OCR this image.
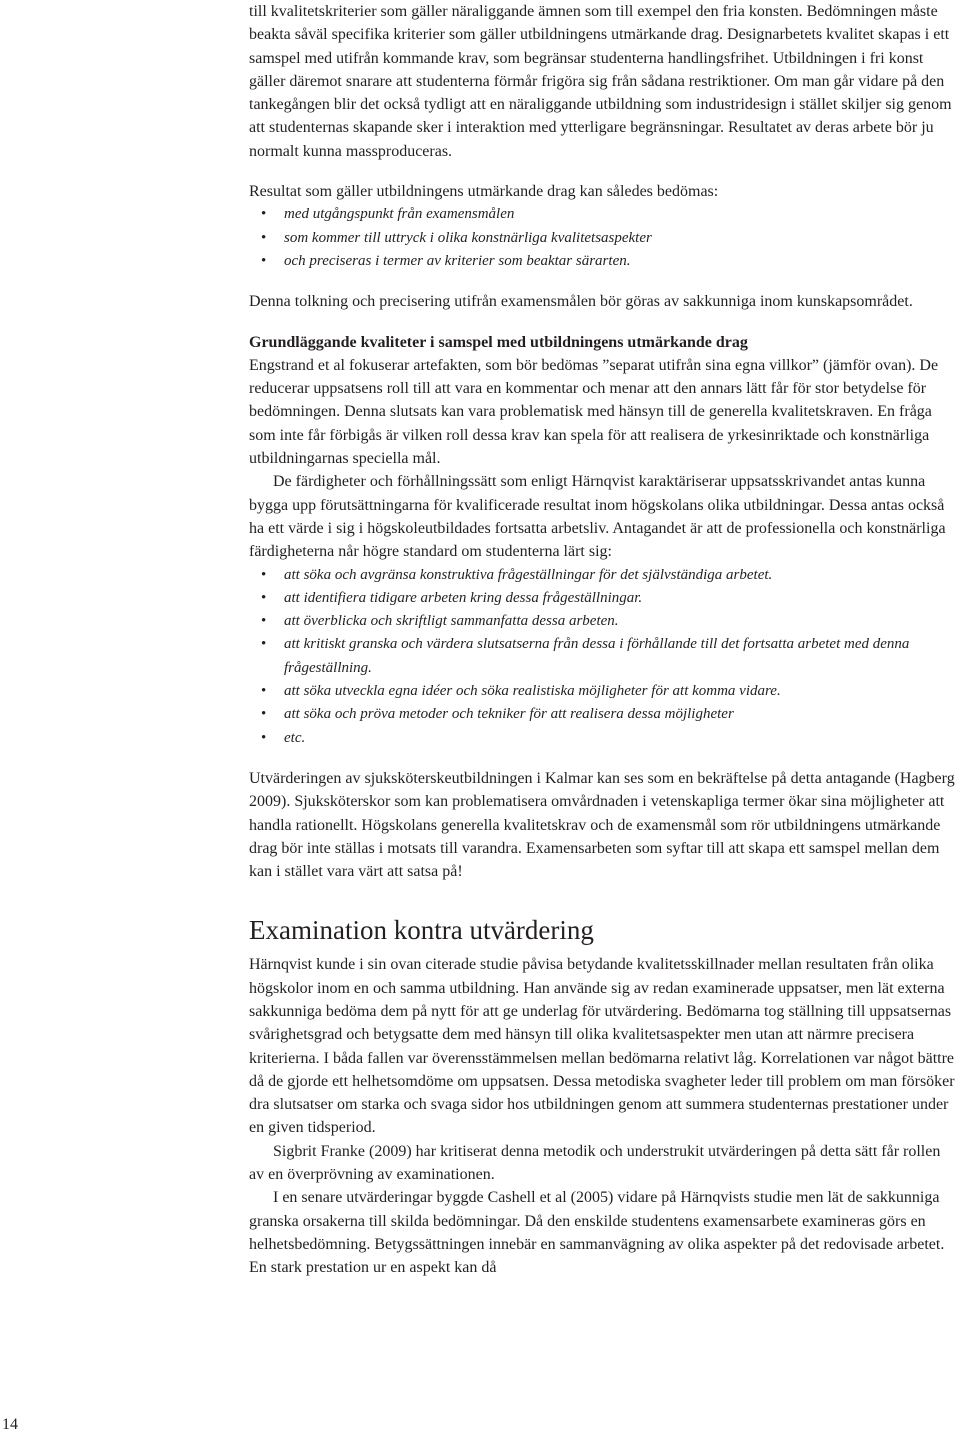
till kvalitetskriterier som gäller näraliggande ämnen som till exempel den fria konsten. Bedömningen måste beakta såväl specifika kriterier som gäller utbildningens utmärkande drag. Designarbetets kvalitet skapas i ett samspel med utifrån kommande krav, som begränsar studenterna handlingsfrihet. Utbildningen i fri konst gäller däremot snarare att studenterna förmår frigöra sig från sådana restriktioner. Om man går vidare på den tankegången blir det också tydligt att en näraliggande utbildning som industridesign i stället skiljer sig genom att studenternas skapande sker i interaktion med ytterligare begränsningar. Resultatet av deras arbete bör ju normalt kunna massproduceras.

Resultat som gäller utbildningens utmärkande drag kan således bedömas:

• med utgångspunkt från examensmålen
• som kommer till uttryck i olika konstnärliga kvalitetsaspekter
• och preciseras i termer av kriterier som beaktar särarten.

Denna tolkning och precisering utifrån examensmålen bör göras av sakkunniga inom kunskapsområdet.

Grundläggande kvaliteter i samspel med utbildningens utmärkande drag

Engstrand et al fokuserar artefakten, som bör bedömas ”separat utifrån sina egna villkor” (jämför ovan). De reducerar uppsatsens roll till att vara en kommentar och menar att den annars lätt får för stor betydelse för bedömningen. Denna slutsats kan vara problematisk med hänsyn till de generella kvalitetskraven. En fråga som inte får förbigås är vilken roll dessa krav kan spela för att realisera de yrkesinriktade och konstnärliga utbildningarnas speciella mål.

De färdigheter och förhållningssätt som enligt Härnqvist karaktäriserar uppsatsskrivandet antas kunna bygga upp förutsättningarna för kvalificerade resultat inom högskolans olika utbildningar. Dessa antas också ha ett värde i sig i högskoleutbildades fortsatta arbetsliv. Antagandet är att de professionella och konstnärliga färdigheterna når högre standard om studenterna lärt sig:

• att söka och avgränsa konstruktiva frågeställningar för det självständiga arbetet.
• att identifiera tidigare arbeten kring dessa frågeställningar.
• att överblicka och skriftligt sammanfatta dessa arbeten.
• att kritiskt granska och värdera slutsatserna från dessa i förhållande till det fortsatta arbetet med denna frågeställning.
• att söka utveckla egna idéer och söka realistiska möjligheter för att komma vidare.
• att söka och pröva metoder och tekniker för att realisera dessa möjligheter
• etc.

Utvärderingen av sjuksköterskeutbildningen i Kalmar kan ses som en bekräftelse på detta antagande (Hagberg 2009). Sjuksköterskor som kan problematisera omvårdnaden i vetenskapliga termer ökar sina möjligheter att handla rationellt. Högskolans generella kvalitetskrav och de examensmål som rör utbildningens utmärkande drag bör inte ställas i motsats till varandra. Examensarbeten som syftar till att skapa ett samspel mellan dem kan i stället vara värt att satsa på!

Examination kontra utvärdering

Härnqvist kunde i sin ovan citerade studie påvisa betydande kvalitetsskillnader mellan resultaten från olika högskolor inom en och samma utbildning. Han använde sig av redan examinerade uppsatser, men lät externa sakkunniga bedöma dem på nytt för att ge underlag för utvärdering. Bedömarna tog ställning till uppsatsernas svårighetsgrad och betygsatte dem med hänsyn till olika kvalitetsaspekter men utan att närmre precisera kriterierna. I båda fallen var överensstämmelsen mellan bedömarna relativt låg. Korrelationen var något bättre då de gjorde ett helhetsomdöme om uppsatsen. Dessa metodiska svagheter leder till problem om man försöker dra slutsatser om starka och svaga sidor hos utbildningen genom att summera studenternas prestationer under en given tidsperiod.

Sigbrit Franke (2009) har kritiserat denna metodik och understrukit utvärderingen på detta sätt får rollen av en överprövning av examinationen.

I en senare utvärderingar byggde Cashell et al (2005) vidare på Härnqvists studie men lät de sakkunniga granska orsakerna till skilda bedömningar. Då den enskilde studentens examensarbete examineras görs en helhetsbedömning. Betygssättningen innebär en sammanvägning av olika aspekter på det redovisade arbetet. En stark prestation ur en aspekt kan då

14
